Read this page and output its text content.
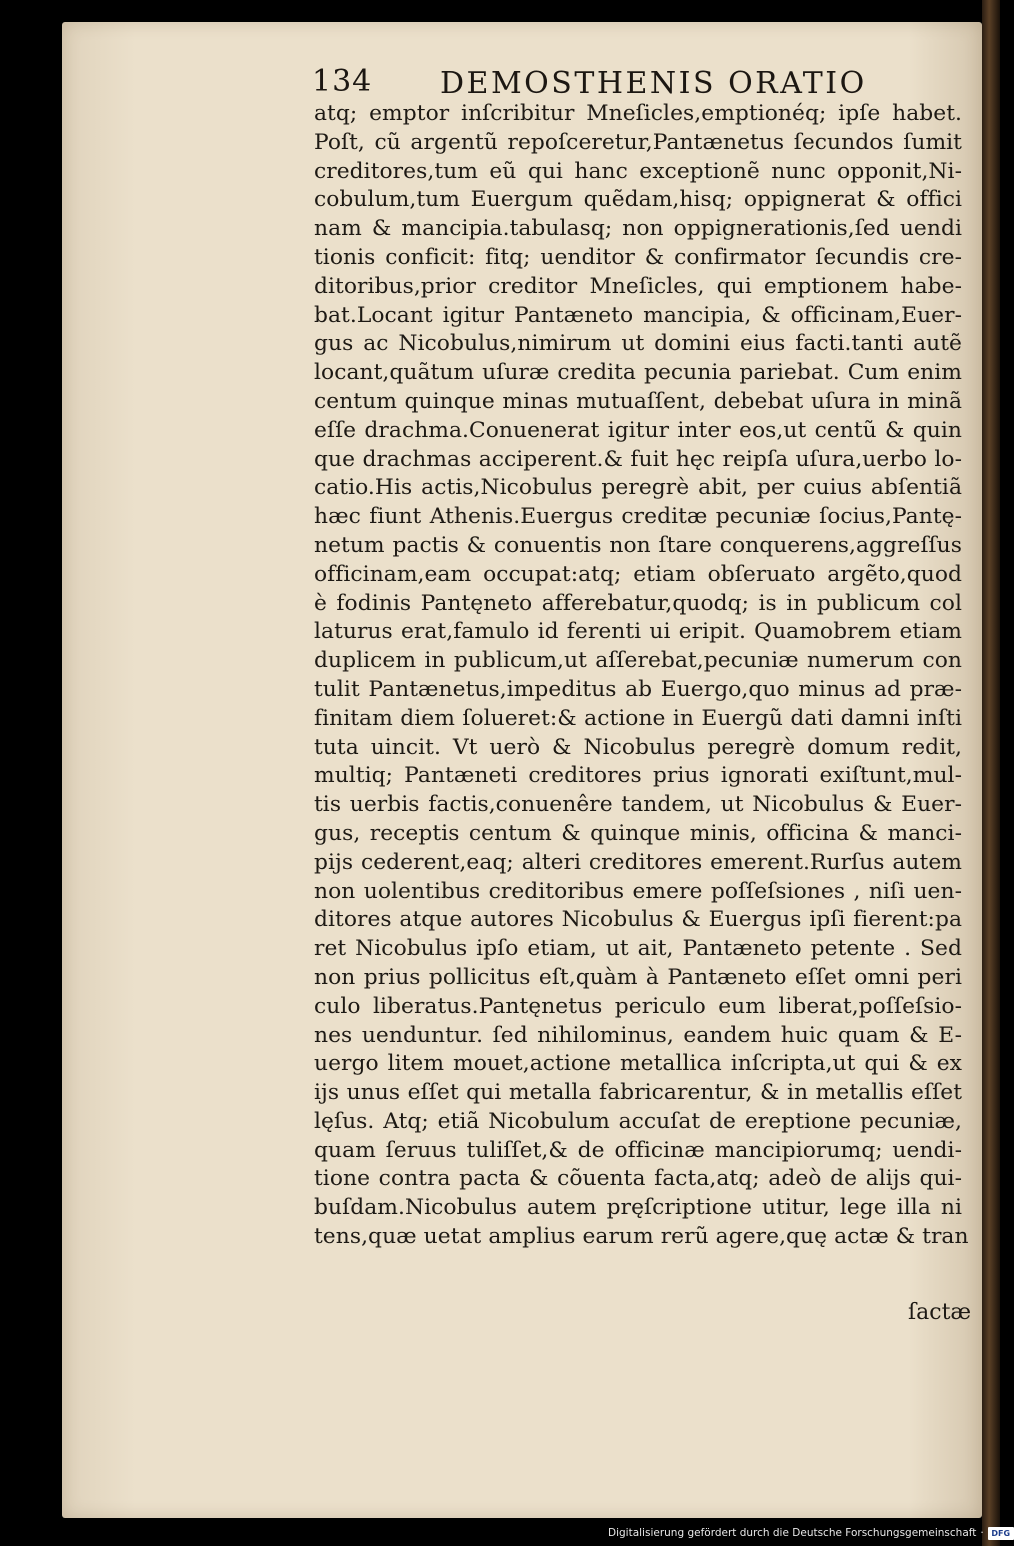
134 DEMOSTHENIS ORATIO
atq; emptor inſcribitur Mneſicles,emptionéq; ipſe habet.
Poſt, cũ argentũ repoſceretur,Pantænetus ſecundos ſumit
creditores,tum eũ qui hanc exceptionẽ nunc opponit,Ni-
cobulum,tum Euergum quẽdam,hisq; oppignerat & offici
nam & mancipia.tabulasq; non oppignerationis,ſed uendi
tionis conficit: fitq; uenditor & confirmator ſecundis cre-
ditoribus,prior creditor Mneſicles, qui emptionem habe-
bat.Locant igitur Pantæneto mancipia, & officinam,Euer-
gus ac Nicobulus,nimirum ut domini eius facti.tanti autẽ
locant,quãtum uſuræ credita pecunia pariebat. Cum enim
centum quinque minas mutuaſſent, debebat uſura in minã
eſſe drachma.Conuenerat igitur inter eos,ut centũ & quin
que drachmas acciperent.& fuit hęc reipſa uſura,uerbo lo-
catio.His actis,Nicobulus peregrè abit, per cuius abſentiã
hæc fiunt Athenis.Euergus creditæ pecuniæ ſocius,Pantę-
netum pactis & conuentis non ſtare conquerens,aggreſſus
officinam,eam occupat:atq; etiam obſeruato argẽto,quod
è fodinis Pantęneto afferebatur,quodq; is in publicum col
laturus erat,famulo id ferenti ui eripit. Quamobrem etiam
duplicem in publicum,ut aſſerebat,pecuniæ numerum con
tulit Pantænetus,impeditus ab Euergo,quo minus ad præ-
finitam diem ſolueret:& actione in Euergũ dati damni inſti
tuta uincit. Vt uerò & Nicobulus peregrè domum redit,
multiq; Pantæneti creditores prius ignorati exiſtunt,mul-
tis uerbis factis,conuenêre tandem, ut Nicobulus & Euer-
gus, receptis centum & quinque minis, officina & manci-
pijs cederent,eaq; alteri creditores emerent.Rurſus autem
non uolentibus creditoribus emere poſſeſsiones , niſi uen-
ditores atque autores Nicobulus & Euergus ipſi fierent:pa
ret Nicobulus ipſo etiam, ut ait, Pantæneto petente . Sed
non prius pollicitus eſt,quàm à Pantæneto eſſet omni peri
culo liberatus.Pantęnetus periculo eum liberat,poſſeſsio-
nes uenduntur. ſed nihilominus, eandem huic quam & E-
uergo litem mouet,actione metallica inſcripta,ut qui & ex
ijs unus eſſet qui metalla fabricarentur, & in metallis eſſet
lęſus. Atq; etiã Nicobulum accuſat de ereptione pecuniæ,
quam ſeruus tuliſſet,& de officinæ mancipiorumq; uendi-
tione contra pacta & cõuenta facta,atq; adeò de alijs qui-
buſdam.Nicobulus autem pręſcriptione utitur, lege illa ni
tens,quæ uetat amplius earum rerũ agere,quę actæ & tran
ſactæ
Digitalisierung gefördert durch die Deutsche Forschungsgemeinschaft · DFG
